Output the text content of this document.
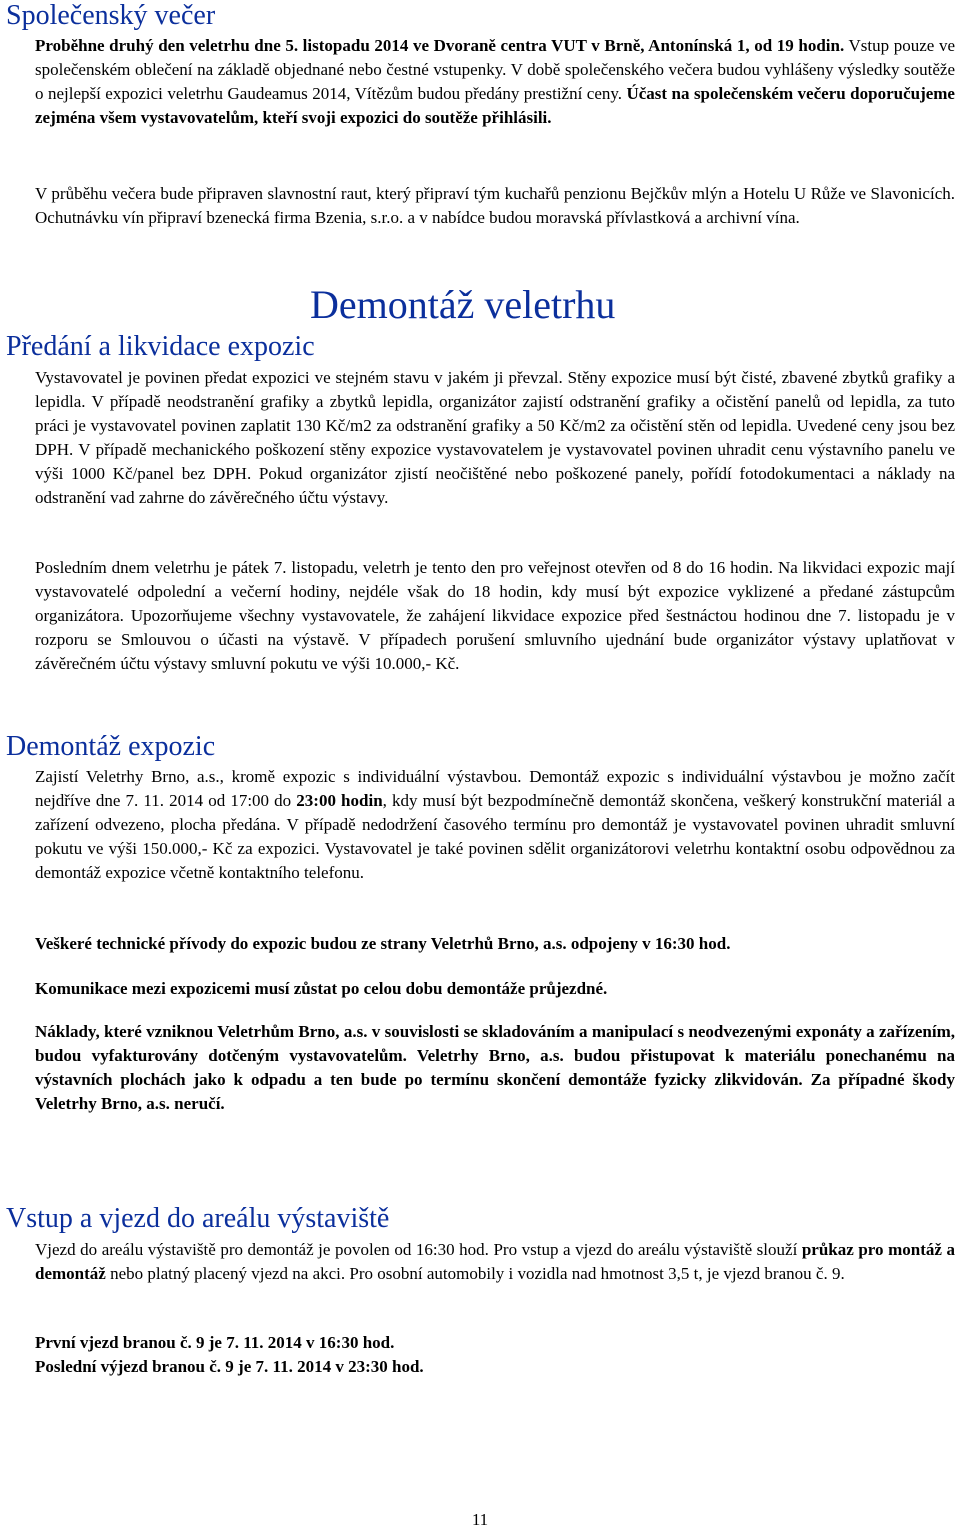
Společenský večer

Proběhne druhý den veletrhu dne 5. listopadu 2014 ve Dvoraně centra VUT v Brně, Antonínská 1, od 19 hodin. Vstup pouze ve společenském oblečení na základě objednané nebo čestné vstupenky. V době společenského večera budou vyhlášeny výsledky soutěže o nejlepší expozici veletrhu Gaudeamus 2014, Vítězům budou předány prestižní ceny. Účast na společenském večeru doporučujeme zejména všem vystavovatelům, kteří svoji expozici do soutěže přihlásili.

V průběhu večera bude připraven slavnostní raut, který připraví tým kuchařů penzionu Bejčkův mlýn a Hotelu U Růže ve Slavonicích. Ochutnávku vín připraví bzenecká firma Bzenia, s.r.o. a v nabídce budou moravská přívlastková a archivní vína.

Demontáž veletrhu
Předání a likvidace expozic

Vystavovatel je povinen předat expozici ve stejném stavu v jakém ji převzal. Stěny expozice musí být čisté, zbavené zbytků grafiky a lepidla. V případě neodstranění grafiky a zbytků lepidla, organizátor zajistí odstranění grafiky a očistění panelů od lepidla, za tuto práci je vystavovatel povinen zaplatit 130 Kč/m2 za odstranění grafiky a 50 Kč/m2 za očistění stěn od lepidla. Uvedené ceny jsou bez DPH. V případě mechanického poškození stěny expozice vystavovatelem je vystavovatel povinen uhradit cenu výstavního panelu ve výši 1000 Kč/panel bez DPH. Pokud organizátor zjistí neočištěné nebo poškozené panely, pořídí fotodokumentaci a náklady na odstranění vad zahrne do závěrečného účtu výstavy.

Posledním dnem veletrhu je pátek 7. listopadu, veletrh je tento den pro veřejnost otevřen od 8 do 16 hodin. Na likvidaci expozic mají vystavovatelé odpolední a večerní hodiny, nejdéle však do 18 hodin, kdy musí být expozice vyklizené a předané zástupcům organizátora. Upozorňujeme všechny vystavovatele, že zahájení likvidace expozice před šestnáctou hodinou dne 7. listopadu je v rozporu se Smlouvou o účasti na výstavě. V případech porušení smluvního ujednání bude organizátor výstavy uplatňovat v závěrečném účtu výstavy smluvní pokutu ve výši 10.000,- Kč.

Demontáž expozic

Zajistí Veletrhy Brno, a.s., kromě expozic s individuální výstavbou. Demontáž expozic s individuální výstavbou je možno začít nejdříve dne 7. 11. 2014 od 17:00 do 23:00 hodin, kdy musí být bezpodmínečně demontáž skončena, veškerý konstrukční materiál a zařízení odvezeno, plocha předána. V případě nedodržení časového termínu pro demontáž je vystavovatel povinen uhradit smluvní pokutu ve výši 150.000,- Kč za expozici. Vystavovatel je také povinen sdělit organizátorovi veletrhu kontaktní osobu odpovědnou za demontáž expozice včetně kontaktního telefonu.

Veškeré technické přívody do expozic budou ze strany Veletrhů Brno, a.s. odpojeny v 16:30 hod.

Komunikace mezi expozicemi musí zůstat po celou dobu demontáže průjezdné.

Náklady, které vzniknou Veletrhům Brno, a.s. v souvislosti se skladováním a manipulací s neodvezenými exponáty a zařízením, budou vyfakturovány dotčeným vystavovatelům. Veletrhy Brno, a.s. budou přistupovat k materiálu ponechanému na výstavních plochách jako k odpadu a ten bude po termínu skončení demontáže fyzicky zlikvidován. Za případné škody Veletrhy Brno, a.s. neručí.

Vstup a vjezd do areálu výstaviště

Vjezd do areálu výstaviště pro demontáž je povolen od 16:30 hod. Pro vstup a vjezd do areálu výstaviště slouží průkaz pro montáž a demontáž nebo platný placený vjezd na akci. Pro osobní automobily i vozidla nad hmotnost 3,5 t, je vjezd branou č. 9.

První vjezd branou č. 9 je 7. 11. 2014 v 16:30 hod.

Poslední výjezd branou č. 9 je 7. 11. 2014 v 23:30 hod.

11
